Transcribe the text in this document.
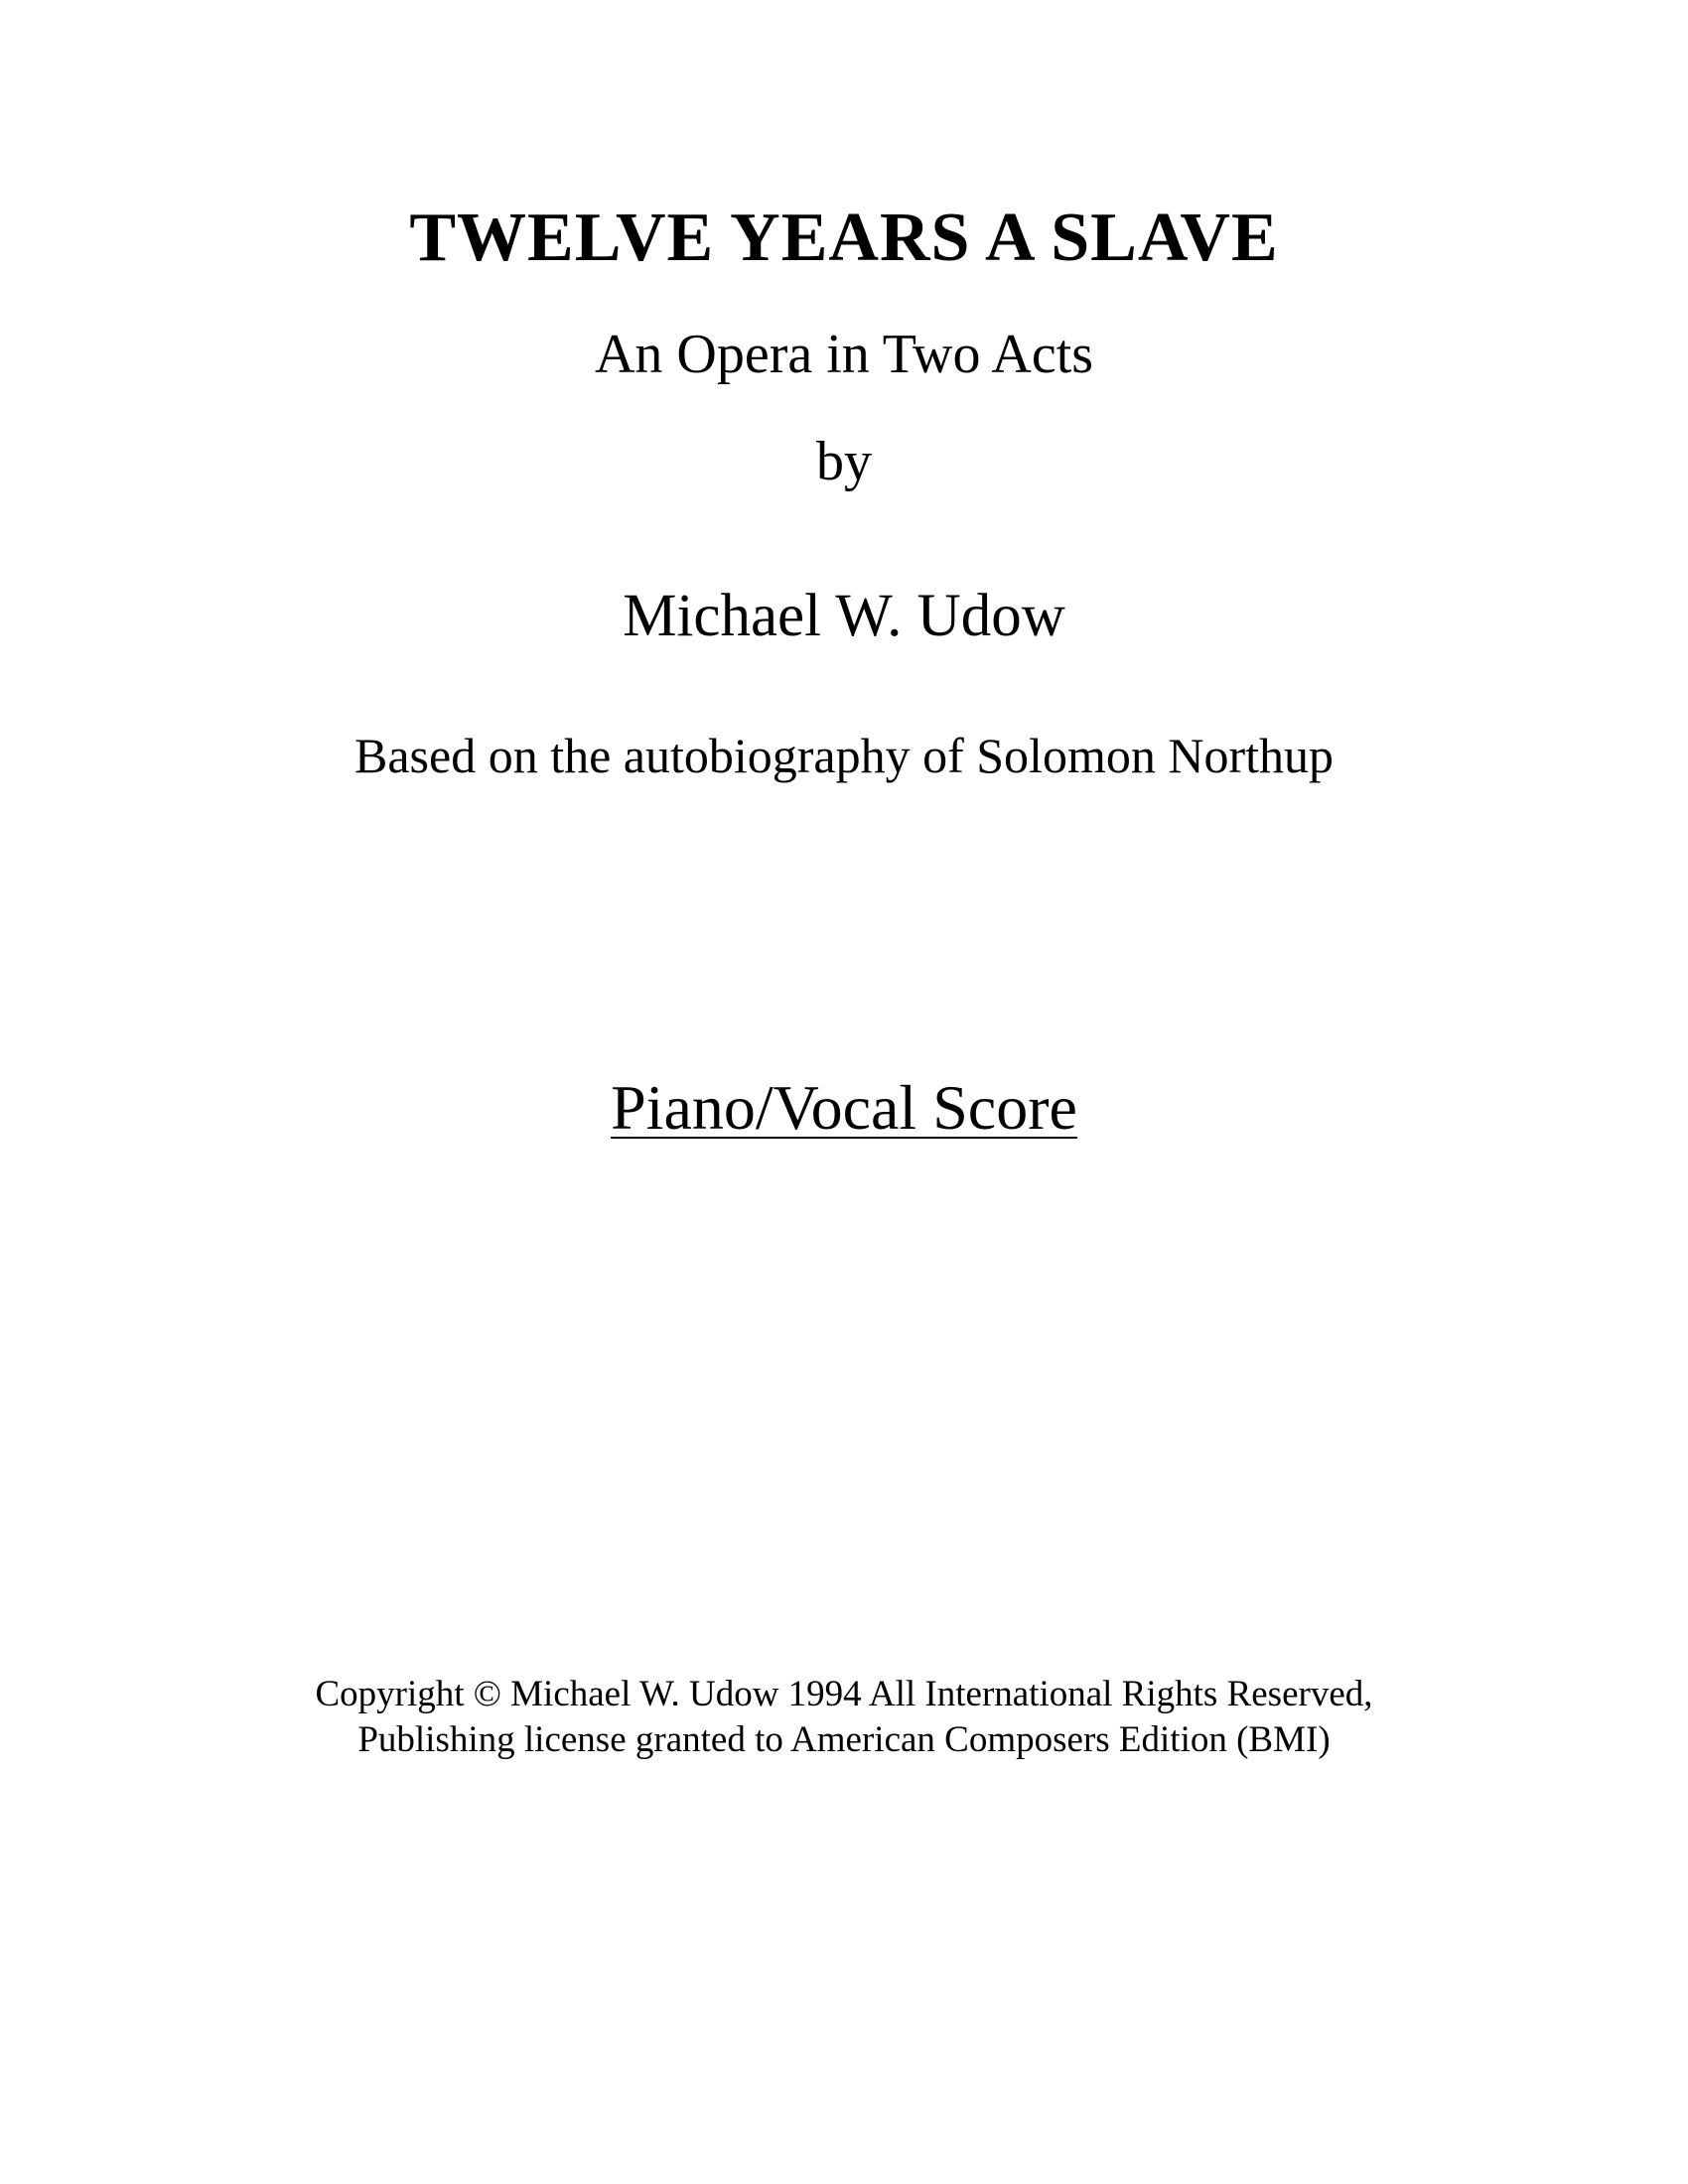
TWELVE YEARS A SLAVE
An Opera in Two Acts
by
Michael W. Udow
Based on the autobiography of Solomon Northup
Piano/Vocal Score
Copyright © Michael W. Udow 1994 All International Rights Reserved,
Publishing license granted to American Composers Edition (BMI)
